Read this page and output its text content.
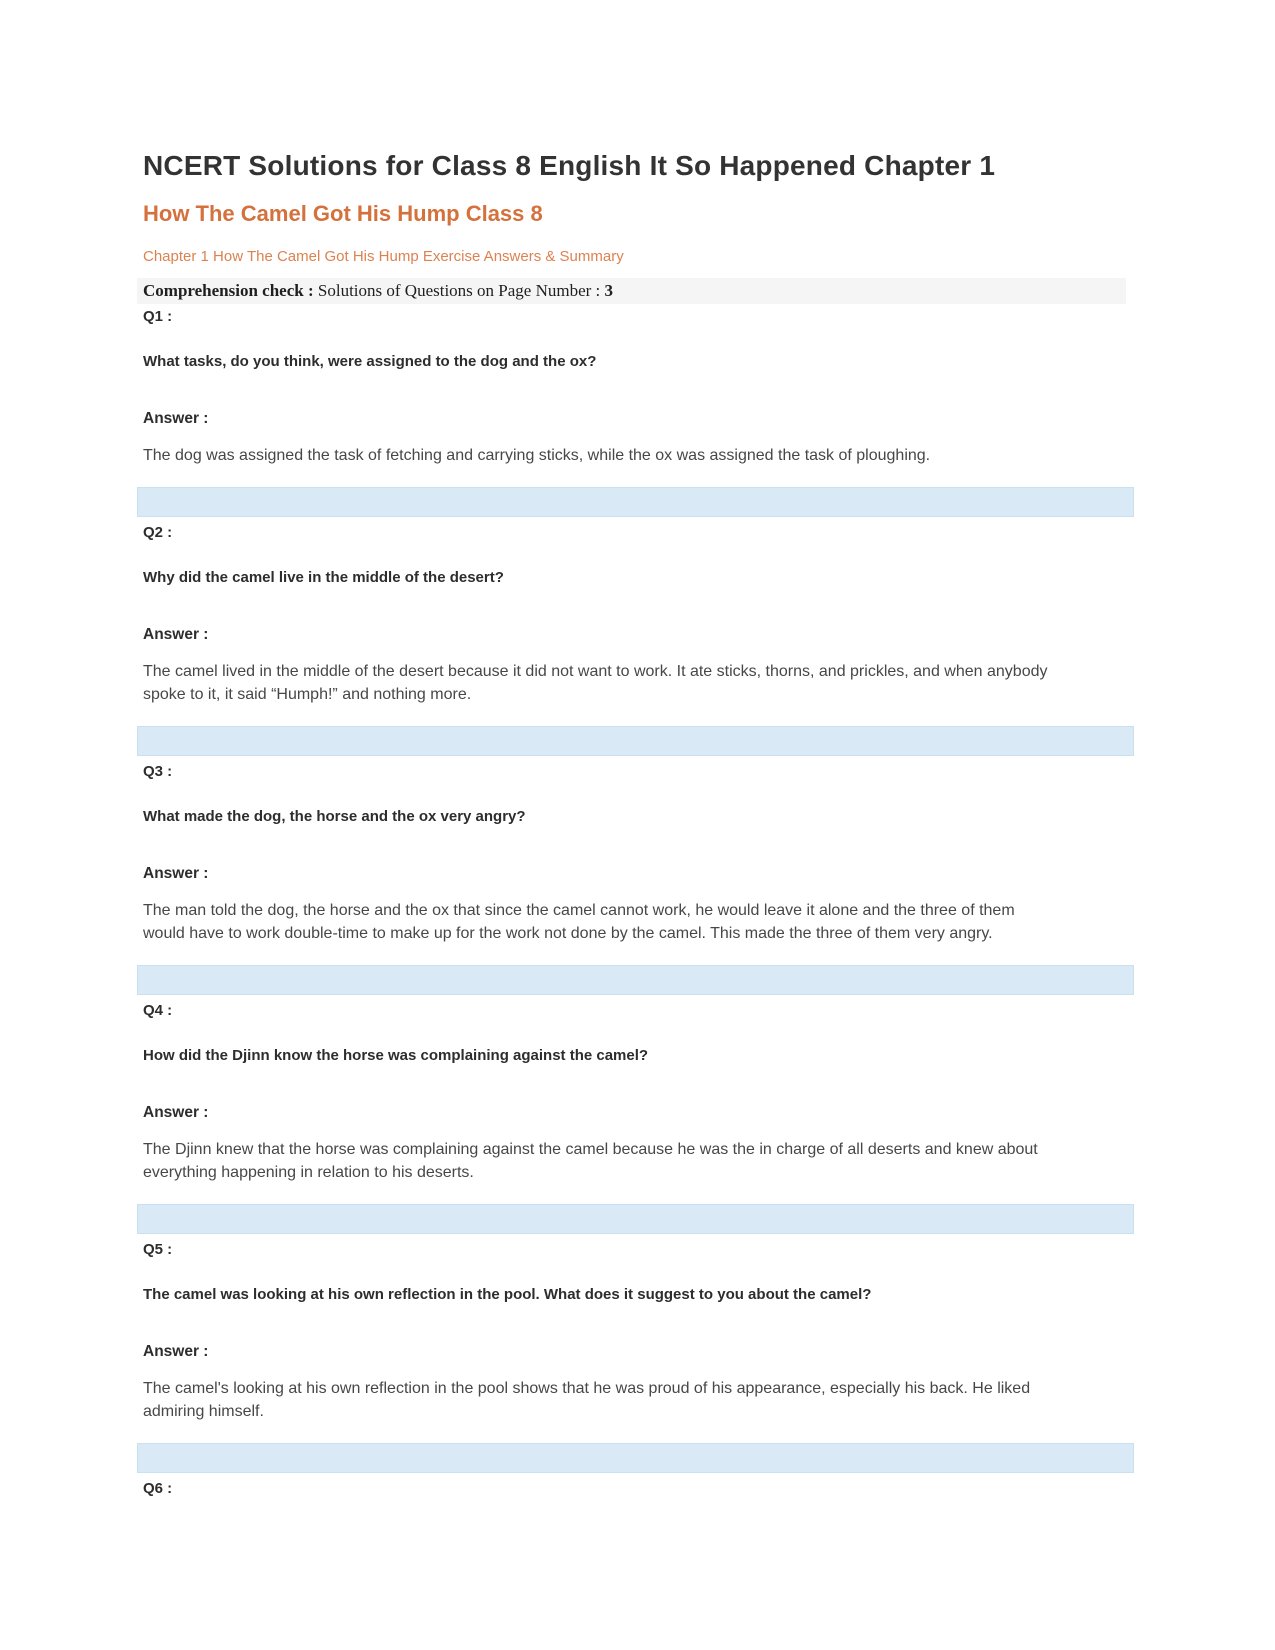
NCERT Solutions for Class 8 English It So Happened Chapter 1
How The Camel Got His Hump Class 8
Chapter 1 How The Camel Got His Hump Exercise Answers & Summary
Comprehension check : Solutions of Questions on Page Number : 3
Q1 :
What tasks, do you think, were assigned to the dog and the ox?
Answer :

The dog was assigned the task of fetching and carrying sticks, while the ox was assigned the task of ploughing.

Q2 :
Why did the camel live in the middle of the desert?
Answer :

The camel lived in the middle of the desert because it did not want to work. It ate sticks, thorns, and prickles, and when anybody spoke to it, it said “Humph!” and nothing more.

Q3 :
What made the dog, the horse and the ox very angry?
Answer :

The man told the dog, the horse and the ox that since the camel cannot work, he would leave it alone and the three of them would have to work double-time to make up for the work not done by the camel. This made the three of them very angry.

Q4 :
How did the Djinn know the horse was complaining against the camel?
Answer :

The Djinn knew that the horse was complaining against the camel because he was the in charge of all deserts and knew about everything happening in relation to his deserts.

Q5 :
The camel was looking at his own reflection in the pool. What does it suggest to you about the camel?
Answer :

The camel's looking at his own reflection in the pool shows that he was proud of his appearance, especially his back. He liked admiring himself.

Q6 :
